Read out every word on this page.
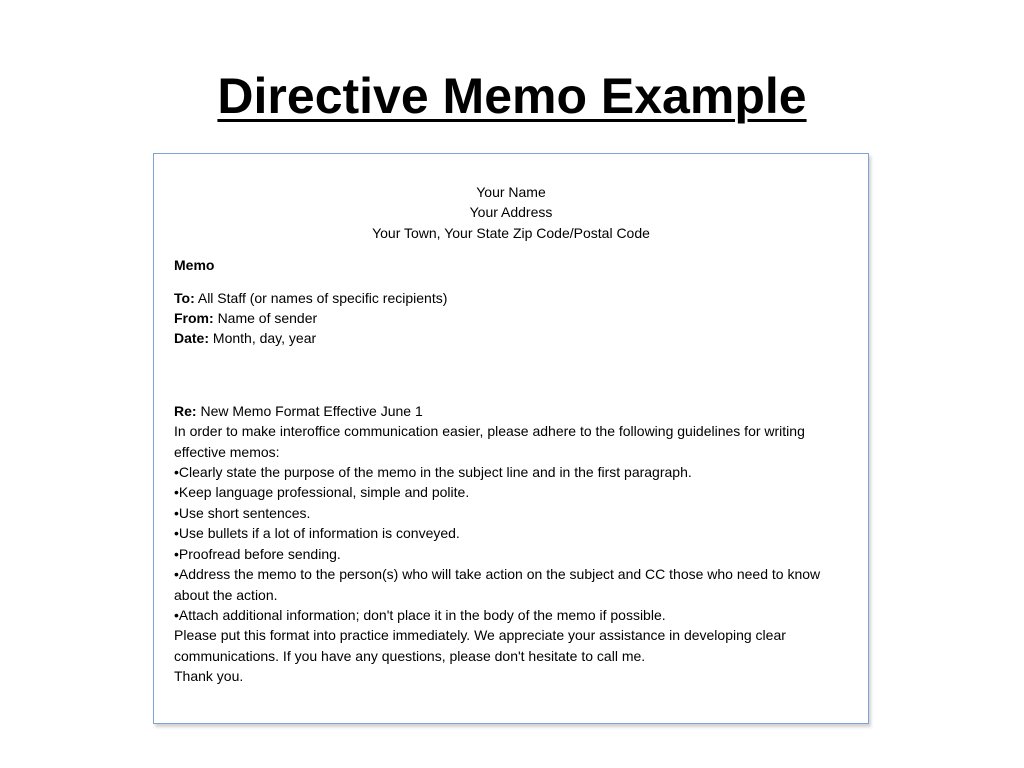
Directive Memo Example
Your Name
Your Address
Your Town, Your State Zip Code/Postal Code
Memo
To: All Staff (or names of specific recipients)
From: Name of sender
Date: Month, day, year
Re: New Memo Format Effective June 1
In order to make interoffice communication easier, please adhere to the following guidelines for writing effective memos:
•Clearly state the purpose of the memo in the subject line and in the first paragraph.
•Keep language professional, simple and polite.
•Use short sentences.
•Use bullets if a lot of information is conveyed.
•Proofread before sending.
•Address the memo to the person(s) who will take action on the subject and CC those who need to know about the action.
•Attach additional information; don't place it in the body of the memo if possible.
Please put this format into practice immediately. We appreciate your assistance in developing clear communications. If you have any questions, please don't hesitate to call me.
Thank you.
